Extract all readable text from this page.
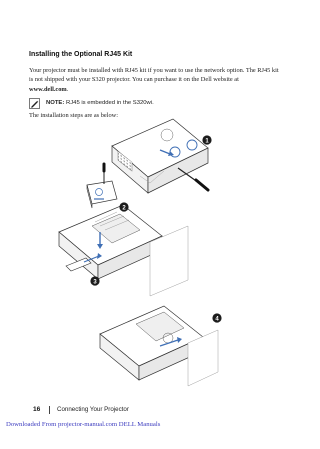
Installing the Optional RJ45 Kit
Your projector must be installed with RJ45 kit if you want to use the network option. The RJ45 kit is not shipped with your S320 projector. You can purchase it on the Dell website at www.dell.com.
NOTE: RJ45 is embedded in the S320wi.
The installation steps are as below:
1
2
3
4
16	Connecting Your Projector
Downloaded From projector-manual.com DELL Manuals
